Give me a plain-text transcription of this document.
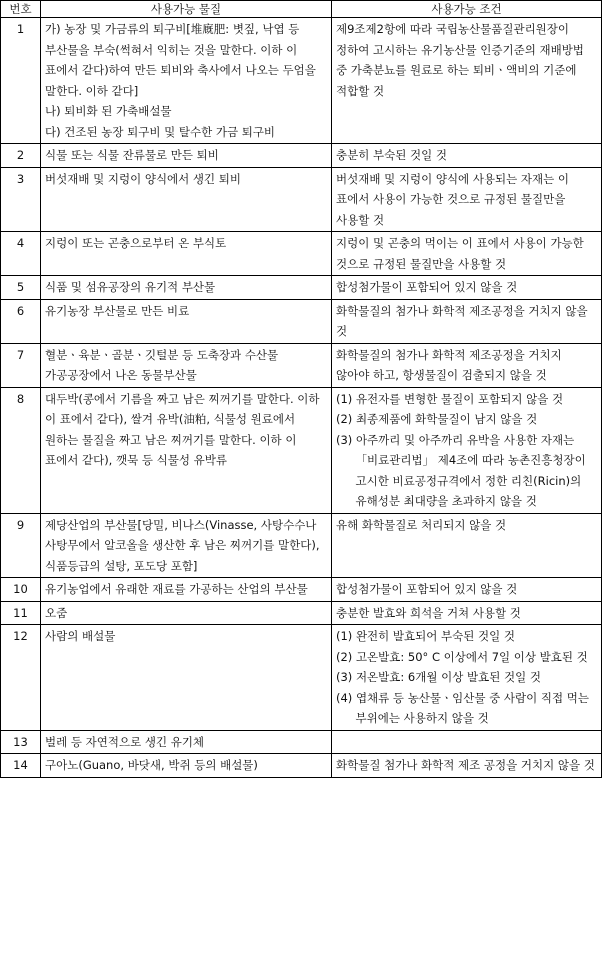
번호	사용가능 물질	사용가능 조건
1	가) 농장 및 가금류의 퇴구비[堆廐肥: 볏짚, 낙엽 등 부산물을 부숙(썩혀서 익히는 것을 말한다. 이하 이 표에서 같다)하여 만든 퇴비와 축사에서 나오는 두엄을 말한다. 이하 같다]
나) 퇴비화 된 가축배설물
다) 건조된 농장 퇴구비 및 탈수한 가금 퇴구비	제9조제2항에 따라 국립농산물품질관리원장이 정하여 고시하는 유기농산물 인증기준의 재배방법 중 가축분뇨를 원료로 하는 퇴비ㆍ액비의 기준에 적합할 것

2	식물 또는 식물 잔류물로 만든 퇴비	충분히 부숙된 것일 것

3	버섯재배 및 지렁이 양식에서 생긴 퇴비	버섯재배 및 지렁이 양식에 사용되는 자재는 이 표에서 사용이 가능한 것으로 규정된 물질만을 사용할 것

4	지렁이 또는 곤충으로부터 온 부식토	지렁이 및 곤충의 먹이는 이 표에서 사용이 가능한 것으로 규정된 물질만을 사용할 것

5	식품 및 섬유공장의 유기적 부산물	합성첨가물이 포함되어 있지 않을 것

6	유기농장 부산물로 만든 비료	화학물질의 첨가나 화학적 제조공정을 거치지 않을 것

7	혈분ㆍ육분ㆍ골분ㆍ깃털분 등 도축장과 수산물 가공공장에서 나온 동물부산물	화학물질의 첨가나 화학적 제조공정을 거치지 않아야 하고, 항생물질이 검출되지 않을 것

8	대두박(콩에서 기름을 짜고 남은 찌꺼기를 말한다. 이하 이 표에서 같다), 쌀겨 유박(油粕, 식물성 원료에서 원하는 물질을 짜고 남은 찌꺼기를 말한다. 이하 이 표에서 같다), 깻묵 등 식물성 유박류	(1) 유전자를 변형한 물질이 포함되지 않을 것
(2) 최종제품에 화학물질이 남지 않을 것
(3) 아주까리 및 아주까리 유박을 사용한 자재는 「비료관리법」 제4조에 따라 농촌진흥청장이 고시한 비료공정규격에서 정한 리친(Ricin)의 유해성분 최대량을 초과하지 않을 것

9	제당산업의 부산물[당밀, 비나스(Vinasse, 사탕수수나 사탕무에서 알코올을 생산한 후 남은 찌꺼기를 말한다), 식품등급의 설탕, 포도당 포함]	유해 화학물질로 처리되지 않을 것

10	유기농업에서 유래한 재료를 가공하는 산업의 부산물	합성첨가물이 포함되어 있지 않을 것

11	오줌	충분한 발효와 희석을 거쳐 사용할 것

12	사람의 배설물	(1) 완전히 발효되어 부숙된 것일 것
(2) 고온발효: 50° C 이상에서 7일 이상 발효된 것
(3) 저온발효: 6개월 이상 발효된 것일 것
(4) 엽채류 등 농산물ㆍ임산물 중 사람이 직접 먹는 부위에는 사용하지 않을 것

13	벌레 등 자연적으로 생긴 유기체	

14	구아노(Guano, 바닷새, 박쥐 등의 배설물)	화학물질 첨가나 화학적 제조 공정을 거치지 않을 것
